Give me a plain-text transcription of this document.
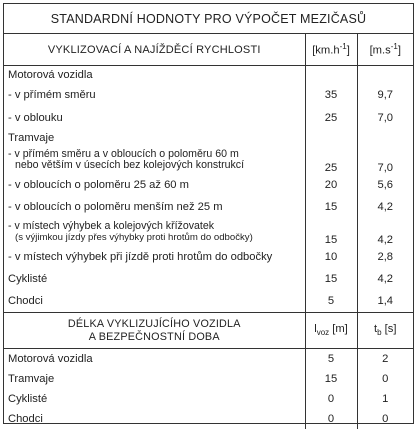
STANDARDNÍ HODNOTY PRO VÝPOČET MEZIČASŮ
VYKLIZOVACÍ A NAJÍŽDĚCÍ RYCHLOSTI	$[km.h^{-1}]$	$[m.s^{-1}]$
Motorová vozidla		
- v přímém směru	35	9,7
- v oblouku	25	7,0
Tramvaje		

- v přímém směru a v obloucích o poloměru 60 m
nebo větším v úsecích bez kolejových konstrukcí	25	7,0
- v obloucích o poloměru 25 až 60 m	20	5,6
- v obloucích o poloměru menším než 25 m	15	4,2

- v místech výhybek a kolejových křížovatek
(s výjimkou jízdy přes výhybky proti hrotům do odbočky)	15	4,2
- v místech výhybek při jízdě proti hrotům do odbočky	10	2,8
Cyklisté	15	4,2
Chodci	5	1,4

DÉLKA VYKLIZUJÍCÍHO VOZIDLA
A BEZPEČNOSTNÍ DOBA	$l_{voz}$ [m]	$t_b$ [s]
Motorová vozidla	5	2
Tramvaje	15	0
Cyklisté	0	1
Chodci	0	0
